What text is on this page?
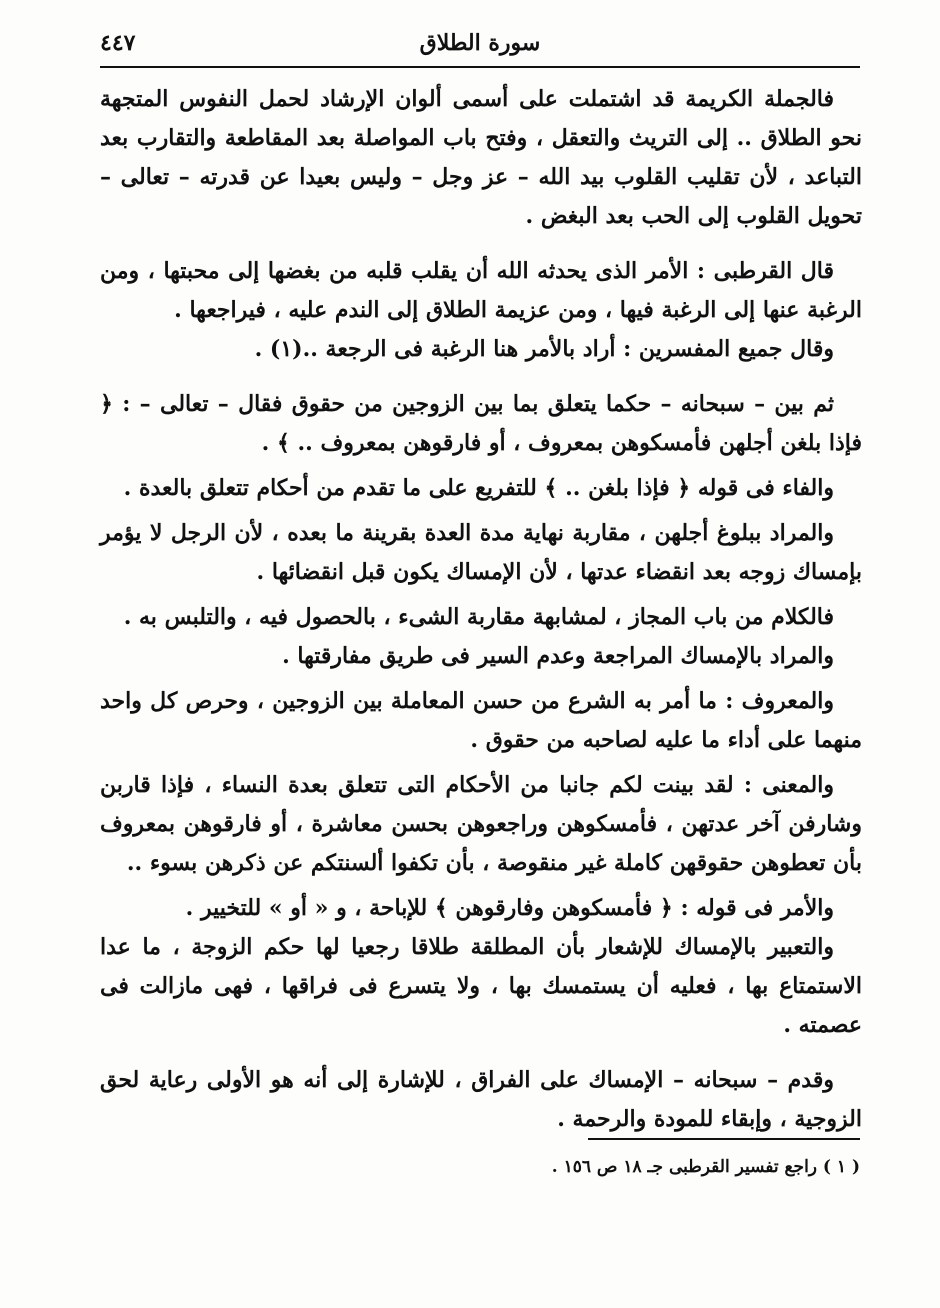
سورة الطلاق
٤٤٧

فالجملة الكريمة قد اشتملت على أسمى ألوان الإرشاد لحمل النفوس المتجهة نحو الطلاق .. إلى التريث والتعقل ، وفتح باب المواصلة بعد المقاطعة والتقارب بعد التباعد ، لأن تقليب القلوب بيد الله – عز وجل – وليس بعيدا عن قدرته – تعالى – تحويل القلوب إلى الحب بعد البغض .

قال القرطبى : الأمر الذى يحدثه الله أن يقلب قلبه من بغضها إلى محبتها ، ومن الرغبة عنها إلى الرغبة فيها ، ومن عزيمة الطلاق إلى الندم عليه ، فيراجعها .

وقال جميع المفسرين : أراد بالأمر هنا الرغبة فى الرجعة ..(١) .

ثم بين – سبحانه – حكما يتعلق بما بين الزوجين من حقوق فقال – تعالى – : ﴿ فإذا بلغن أجلهن فأمسكوهن بمعروف ، أو فارقوهن بمعروف .. ﴾ .

والفاء فى قوله ﴿ فإذا بلغن .. ﴾ للتفريع على ما تقدم من أحكام تتعلق بالعدة .

والمراد ببلوغ أجلهن ، مقاربة نهاية مدة العدة بقرينة ما بعده ، لأن الرجل لا يؤمر بإمساك زوجه بعد انقضاء عدتها ، لأن الإمساك يكون قبل انقضائها .

فالكلام من باب المجاز ، لمشابهة مقاربة الشىء ، بالحصول فيه ، والتلبس به .

والمراد بالإمساك المراجعة وعدم السير فى طريق مفارقتها .

والمعروف : ما أمر به الشرع من حسن المعاملة بين الزوجين ، وحرص كل واحد منهما على أداء ما عليه لصاحبه من حقوق .

والمعنى : لقد بينت لكم جانبا من الأحكام التى تتعلق بعدة النساء ، فإذا قاربن وشارفن آخر عدتهن ، فأمسكوهن وراجعوهن بحسن معاشرة ، أو فارقوهن بمعروف بأن تعطوهن حقوقهن كاملة غير منقوصة ، بأن تكفوا ألسنتكم عن ذكرهن بسوء ..

والأمر فى قوله : ﴿ فأمسكوهن وفارقوهن ﴾ للإباحة ، و « أو » للتخيير .

والتعبير بالإمساك للإشعار بأن المطلقة طلاقا رجعيا لها حكم الزوجة ، ما عدا الاستمتاع بها ، فعليه أن يستمسك بها ، ولا يتسرع فى فراقها ، فهى مازالت فى عصمته .

وقدم – سبحانه – الإمساك على الفراق ، للإشارة إلى أنه هو الأولى رعاية لحق الزوجية ، وإبقاء للمودة والرحمة .

( ١ ) راجع تفسير القرطبى جـ ١٨ ص ١٥٦ .
